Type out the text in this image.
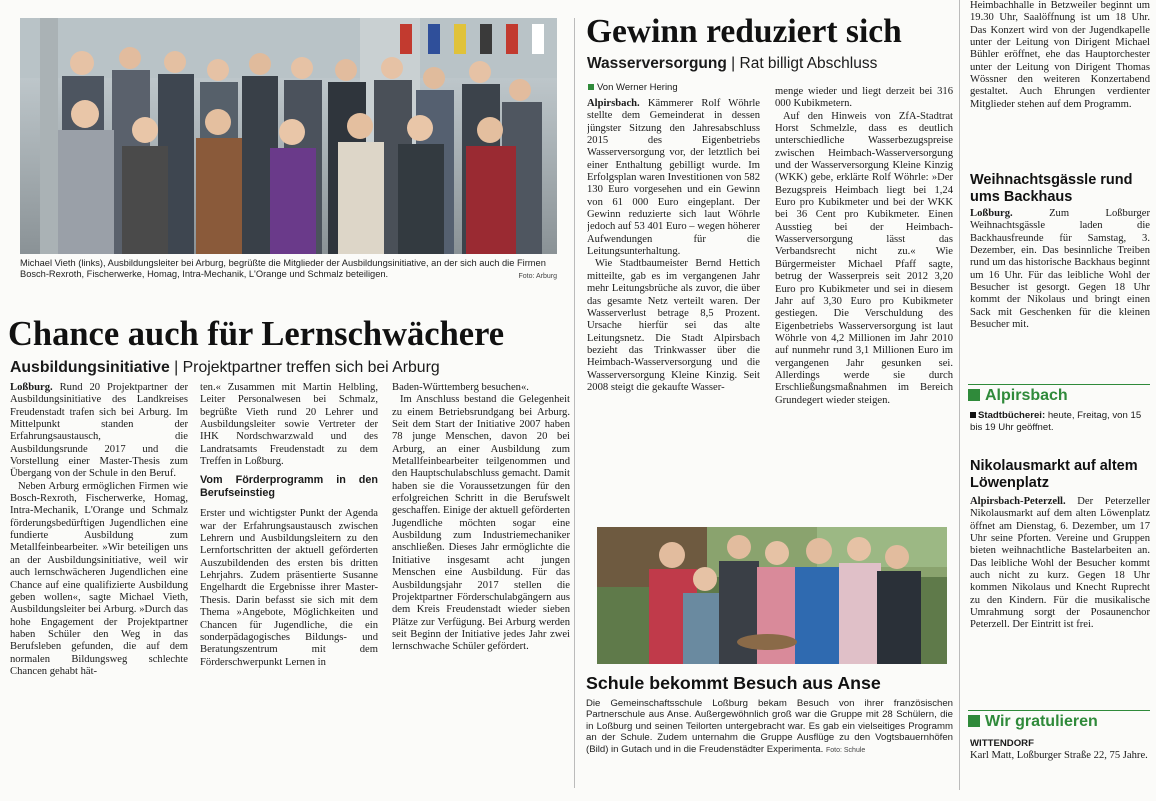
Michael Vieth (links), Ausbildungsleiter bei Arburg, begrüßte die Mitglieder der Ausbildungsinitiative, an der sich auch die Firmen Bosch-Rexroth, Fischerwerke, Homag, Intra-Mechanik, L'Orange und Schmalz beteiligen.	Foto: Arburg
Chance auch für Lernschwächere
Ausbildungsinitiative | Projektpartner treffen sich bei Arburg

Loßburg. Rund 20 Projektpartner der Ausbildungsinitiative des Landkreises Freudenstadt trafen sich bei Arburg. Im Mittelpunkt standen der Erfahrungsaustausch, die Ausbildungsrunde 2017 und die Vorstellung einer Master-Thesis zum Übergang von der Schule in den Beruf.

Neben Arburg ermöglichen Firmen wie Bosch-Rexroth, Fischerwerke, Homag, Intra-Mechanik, L'Orange und Schmalz förderungsbedürftigen Jugendlichen eine fundierte Ausbildung zum Metallfeinbearbeiter. »Wir beteiligen uns an der Ausbildungsinitiative, weil wir auch lernschwächeren Jugendlichen eine Chance auf eine qualifizierte Ausbildung geben wollen«, sagte Michael Vieth, Ausbildungsleiter bei Arburg. »Durch das hohe Engagement der Projektpartner haben Schüler den Weg in das Berufsleben gefunden, die auf dem normalen Bildungsweg schlechte Chancen gehabt hät-

ten.« Zusammen mit Martin Helbling, Leiter Personalwesen bei Schmalz, begrüßte Vieth rund 20 Lehrer und Ausbildungsleiter sowie Vertreter der IHK Nordschwarzwald und des Landratsamts Freudenstadt zu dem Treffen in Loßburg.

Vom Förderprogramm in den Berufseinstieg

Erster und wichtigster Punkt der Agenda war der Erfahrungsaustausch zwischen Lehrern und Ausbildungsleitern zu den Lernfortschritten der aktuell geförderten Auszubildenden des ersten bis dritten Lehrjahrs. Zudem präsentierte Susanne Engelhardt die Ergebnisse ihrer Master-Thesis. Darin befasst sie sich mit dem Thema »Angebote, Möglichkeiten und Chancen für Jugendliche, die ein sonderpädagogisches Bildungs- und Beratungszentrum mit dem Förderschwerpunkt Lernen in

Baden-Württemberg besuchen«.

Im Anschluss bestand die Gelegenheit zu einem Betriebsrundgang bei Arburg. Seit dem Start der Initiative 2007 haben 78 junge Menschen, davon 20 bei Arburg, an einer Ausbildung zum Metallfeinbearbeiter teilgenommen und den Hauptschulabschluss gemacht. Damit haben sie die Voraussetzungen für den erfolgreichen Schritt in die Berufswelt geschaffen. Einige der aktuell geförderten Jugendliche möchten sogar eine Ausbildung zum Industriemechaniker anschließen. Dieses Jahr ermöglichte die Initiative insgesamt acht jungen Menschen eine Ausbildung. Für das Ausbildungsjahr 2017 stellen die Projektpartner Förderschulabgängern aus dem Kreis Freudenstadt wieder sieben Plätze zur Verfügung. Bei Arburg werden seit Beginn der Initiative jedes Jahr zwei lernschwache Schüler gefördert.

Gewinn reduziert sich
Wasserversorgung | Rat billigt Abschluss
Von Werner Hering

Alpirsbach. Kämmerer Rolf Wöhrle stellte dem Gemeinderat in dessen jüngster Sitzung den Jahresabschluss 2015 des Eigenbetriebs Wasserversorgung vor, der letztlich bei einer Enthaltung gebilligt wurde. Im Erfolgsplan waren Investitionen von 582 130 Euro vorgesehen und ein Gewinn von 61 000 Euro eingeplant. Der Gewinn reduzierte sich laut Wöhrle jedoch auf 53 401 Euro – wegen höherer Aufwendungen für die Leitungsunterhaltung.

Wie Stadtbaumeister Bernd Hettich mitteilte, gab es im vergangenen Jahr mehr Leitungsbrüche als zuvor, die über das gesamte Netz verteilt waren. Der Wasserverlust betrage 8,5 Prozent. Ursache hierfür sei das alte Leitungsnetz. Die Stadt Alpirsbach bezieht das Trinkwasser über die Heimbach-Wasserversorgung und die Wasserversorgung Kleine Kinzig. Seit 2008 steigt die gekaufte Wasser-

menge wieder und liegt derzeit bei 316 000 Kubikmetern.

Auf den Hinweis von ZfA-Stadtrat Horst Schmelzle, dass es deutlich unterschiedliche Wasserbezugspreise zwischen Heimbach-Wasserversorgung und der Wasserversorgung Kleine Kinzig (WKK) gebe, erklärte Rolf Wöhrle: »Der Bezugspreis Heimbach liegt bei 1,24 Euro pro Kubikmeter und bei der WKK bei 36 Cent pro Kubikmeter. Einen Ausstieg bei der Heimbach-Wasserversorgung lässt das Verbandsrecht nicht zu.« Wie Bürgermeister Michael Pfaff sagte, betrug der Wasserpreis seit 2012 3,20 Euro pro Kubikmeter und sei in diesem Jahr auf 3,30 Euro pro Kubikmeter gestiegen. Die Verschuldung des Eigenbetriebs Wasserversorgung ist laut Wöhrle von 4,2 Millionen im Jahr 2010 auf nunmehr rund 3,1 Millionen Euro im vergangenen Jahr gesunken sei. Allerdings werde sie durch Erschließungsmaßnahmen im Bereich Grundegert wieder steigen.

Schule bekommt Besuch aus Anse
Die Gemeinschaftsschule Loßburg bekam Besuch von ihrer französischen Partnerschule aus Anse. Außergewöhnlich groß war die Gruppe mit 28 Schülern, die in Loßburg und seinen Teilorten untergebracht war. Es gab ein vielseitiges Programm an der Schule. Zudem unternahm die Gruppe Ausflüge zu den Vogtsbauernhöfen (Bild) in Gutach und in die Freudenstädter Experimenta. Foto: Schule

Heimbachhalle in Betzweiler beginnt um 19.30 Uhr, Saalöffnung ist um 18 Uhr. Das Konzert wird von der Jugendkapelle unter der Leitung von Dirigent Michael Bühler eröffnet, ehe das Hauptorchester unter der Leitung von Dirigent Thomas Wössner den weiteren Konzertabend gestaltet. Auch Ehrungen verdienter Mitglieder stehen auf dem Programm.

Weihnachtsgässle rund ums Backhaus

Loßburg.	Zum Loßburger Weihnachtsgässle laden die Backhausfreunde für Samstag, 3. Dezember, ein. Das besinnliche Treiben rund um das historische Backhaus beginnt um 16 Uhr. Für das leibliche Wohl der Besucher ist gesorgt. Gegen 18 Uhr kommt der Nikolaus und bringt einen Sack mit Geschenken für die kleinen Besucher mit.

Alpirsbach
Stadtbücherei: heute, Freitag, von 15 bis 19 Uhr geöffnet.
Nikolausmarkt auf altem Löwenplatz

Alpirsbach-Peterzell. Der Peterzeller Nikolausmarkt auf dem alten Löwenplatz öffnet am Dienstag, 6. Dezember, um 17 Uhr seine Pforten. Vereine und Gruppen bieten weihnachtliche Bastelarbeiten an. Das leibliche Wohl der Besucher kommt auch nicht zu kurz. Gegen 18 Uhr kommen Nikolaus und Knecht Ruprecht zu den Kindern. Für die musikalische Umrahmung sorgt der Posaunenchor Peterzell. Der Eintritt ist frei.

Wir gratulieren
WITTENDORF

Karl Matt, Loßburger Straße 22, 75 Jahre.
